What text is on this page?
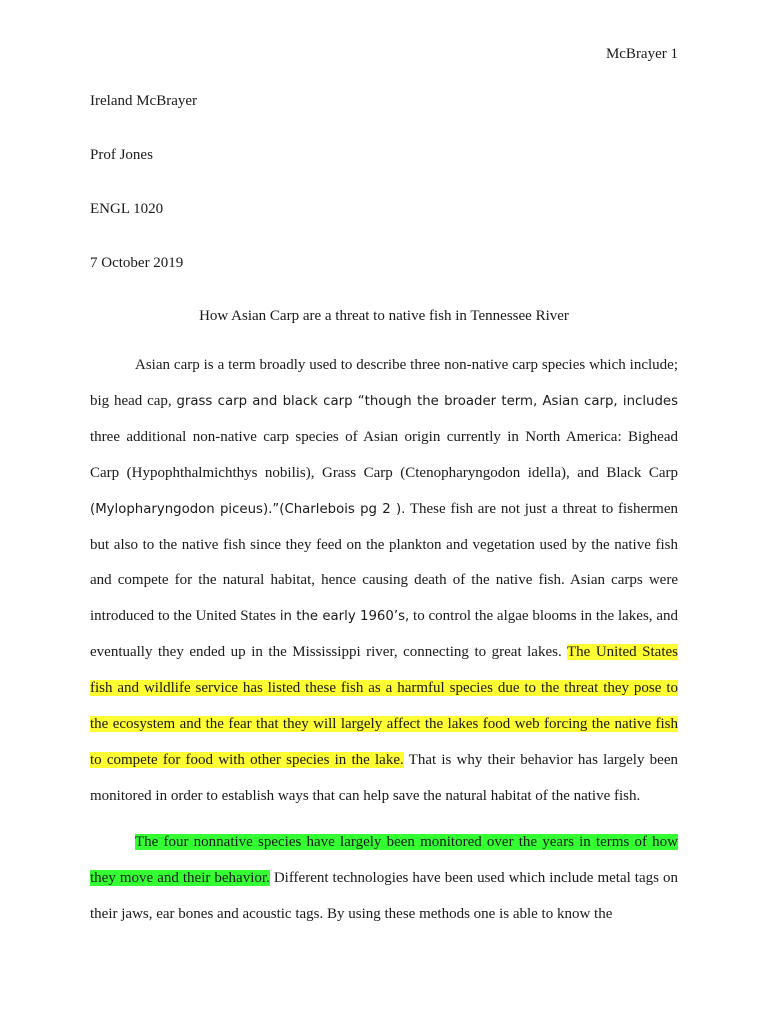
McBrayer 1
Ireland McBrayer
Prof Jones
ENGL 1020
7 October 2019
How Asian Carp are a threat to native fish in Tennessee River

Asian carp is a term broadly used to describe three non-native carp species which include; big head cap, grass carp and black carp “though the broader term, Asian carp, includes three additional non-native carp species of Asian origin currently in North America: Bighead Carp (Hypophthalmichthys nobilis), Grass Carp (Ctenopharyngodon idella), and Black Carp (Mylopharyngodon piceus).”(Charlebois pg 2 ). These fish are not just a threat to fishermen but also to the native fish since they feed on the plankton and vegetation used by the native fish and compete for the natural habitat, hence causing death of the native fish. Asian carps were introduced to the United States in the early 1960’s, to control the algae blooms in the lakes, and eventually they ended up in the Mississippi river, connecting to great lakes. The United States fish and wildlife service has listed these fish as a harmful species due to the threat they pose to the ecosystem and the fear that they will largely affect the lakes food web forcing the native fish to compete for food with other species in the lake. That is why their behavior has largely been monitored in order to establish ways that can help save the natural habitat of the native fish.

The four nonnative species have largely been monitored over the years in terms of how they move and their behavior. Different technologies have been used which include metal tags on their jaws, ear bones and acoustic tags. By using these methods one is able to know the
